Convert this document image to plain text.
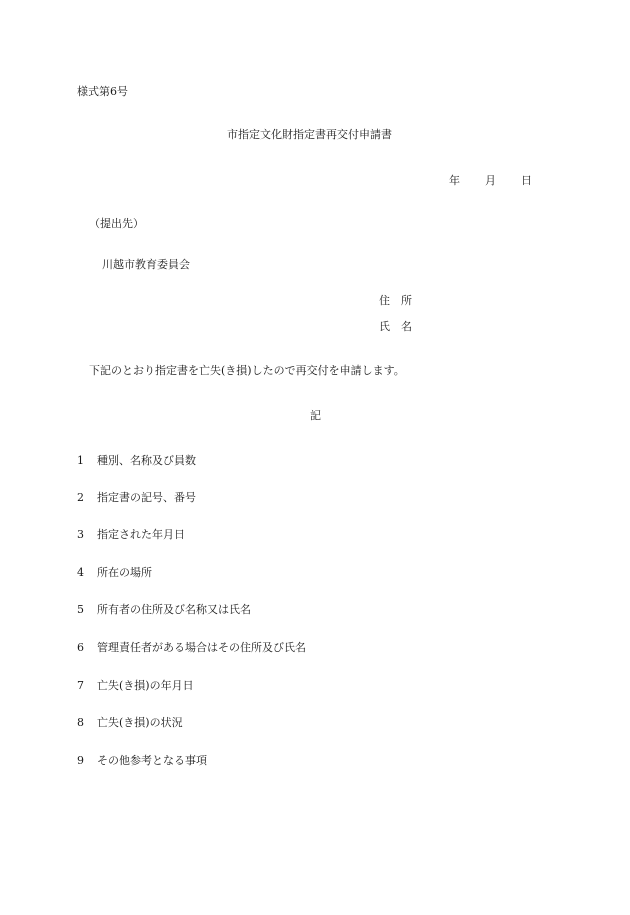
様式第6号
市指定文化財指定書再交付申請書
年 月 日
（提出先）
川越市教育委員会
住　所
氏　名
下記のとおり指定書を亡失(き損)したので再交付を申請します。
記
1 種別、名称及び員数
2 指定書の記号、番号
3 指定された年月日
4 所在の場所
5 所有者の住所及び名称又は氏名
6 管理責任者がある場合はその住所及び氏名
7 亡失(き損)の年月日
8 亡失(き損)の状況
9 その他参考となる事項
